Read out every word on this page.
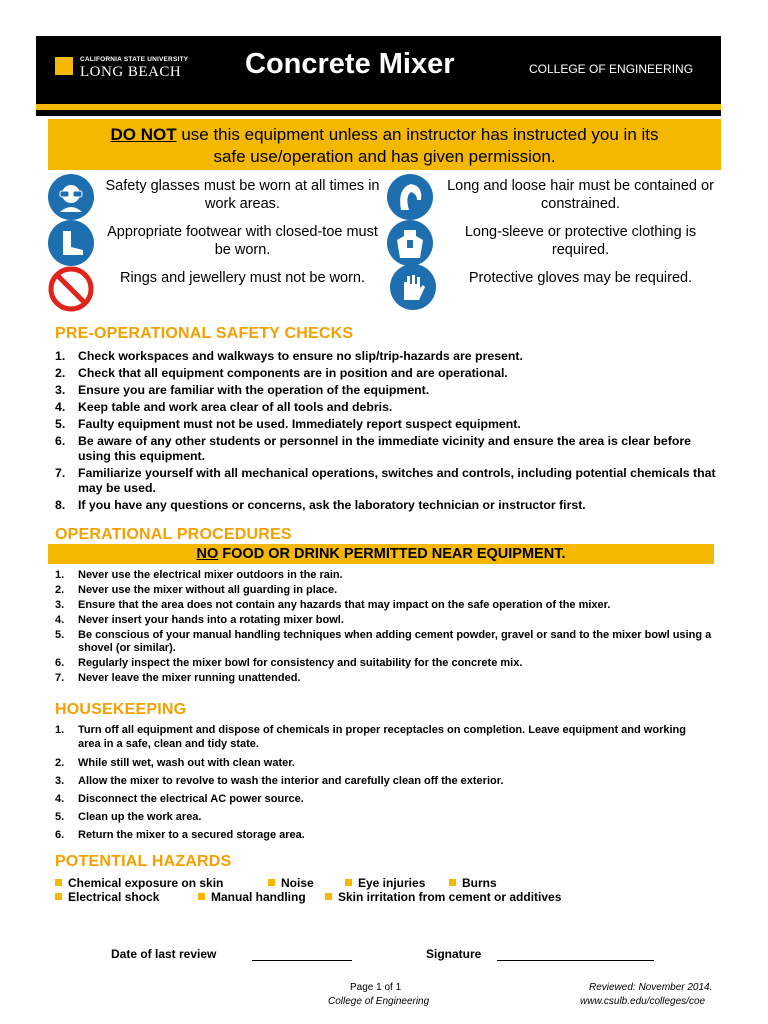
CALIFORNIA STATE UNIVERSITY
LONG BEACH Concrete Mixer	COLLEGE OF ENGINEERING
DO NOT use this equipment unless an instructor has instructed you in its
safe use/operation and has given permission.
Safety glasses must be worn at all times in work areas.
Long and loose hair must be contained or constrained.
Appropriate footwear with closed-toe must be worn.
Long-sleeve or protective clothing is required.
Rings and jewellery must not be worn.	Protective gloves may be required.
PRE-OPERATIONAL SAFETY CHECKS
1. Check workspaces and walkways to ensure no slip/trip-hazards are present.
2. Check that all equipment components are in position and are operational.
3. Ensure you are familiar with the operation of the equipment.
4. Keep table and work area clear of all tools and debris.
5. Faulty equipment must not be used. Immediately report suspect equipment.
6. Be aware of any other students or personnel in the immediate vicinity and ensure the area is clear before using this equipment.
7. Familiarize yourself with all mechanical operations, switches and controls, including potential chemicals that may be used.
8. If you have any questions or concerns, ask the laboratory technician or instructor first.
OPERATIONAL PROCEDURES
NO FOOD OR DRINK PERMITTED NEAR EQUIPMENT.
1. Never use the electrical mixer outdoors in the rain.
2. Never use the mixer without all guarding in place.
3. Ensure that the area does not contain any hazards that may impact on the safe operation of the mixer.
4. Never insert your hands into a rotating mixer bowl.
5. Be conscious of your manual handling techniques when adding cement powder, gravel or sand to the mixer bowl using a shovel (or similar).
6. Regularly inspect the mixer bowl for consistency and suitability for the concrete mix.
7. Never leave the mixer running unattended.
HOUSEKEEPING
1. Turn off all equipment and dispose of chemicals in proper receptacles on completion. Leave equipment and working area in a safe, clean and tidy state.
2. While still wet, wash out with clean water.
3. Allow the mixer to revolve to wash the interior and carefully clean off the exterior.
4. Disconnect the electrical AC power source.
5. Clean up the work area.
6. Return the mixer to a secured storage area.
POTENTIAL HAZARDS
Chemical exposure on skin	Noise	Eye injuries	Burns
Electrical shock	Manual handling	Skin irritation from cement or additives
Date of last review	Signature
Page 1 of 1
College of Engineering
Reviewed: November 2014.
www.csulb.edu/colleges/coe
